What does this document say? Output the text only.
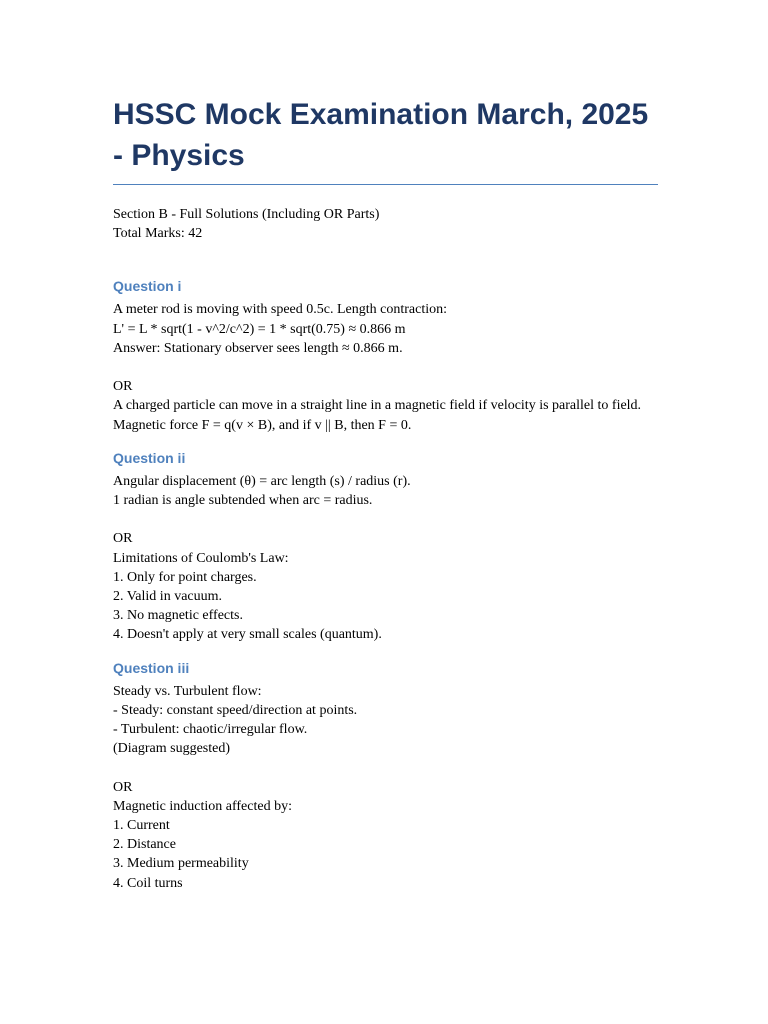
HSSC Mock Examination March, 2025 - Physics

Section B - Full Solutions (Including OR Parts)

Total Marks: 42

Question i

A meter rod is moving with speed 0.5c. Length contraction:

L' = L * sqrt(1 - v^2/c^2) = 1 * sqrt(0.75) ≈ 0.866 m

Answer: Stationary observer sees length ≈ 0.866 m.

OR

A charged particle can move in a straight line in a magnetic field if velocity is parallel to field.

Magnetic force F = q(v × B), and if v || B, then F = 0.

Question ii

Angular displacement (θ) = arc length (s) / radius (r).

1 radian is angle subtended when arc = radius.

OR

Limitations of Coulomb's Law:

1. Only for point charges.

2. Valid in vacuum.

3. No magnetic effects.

4. Doesn't apply at very small scales (quantum).

Question iii

Steady vs. Turbulent flow:

- Steady: constant speed/direction at points.

- Turbulent: chaotic/irregular flow.

(Diagram suggested)

OR

Magnetic induction affected by:

1. Current

2. Distance

3. Medium permeability

4. Coil turns
